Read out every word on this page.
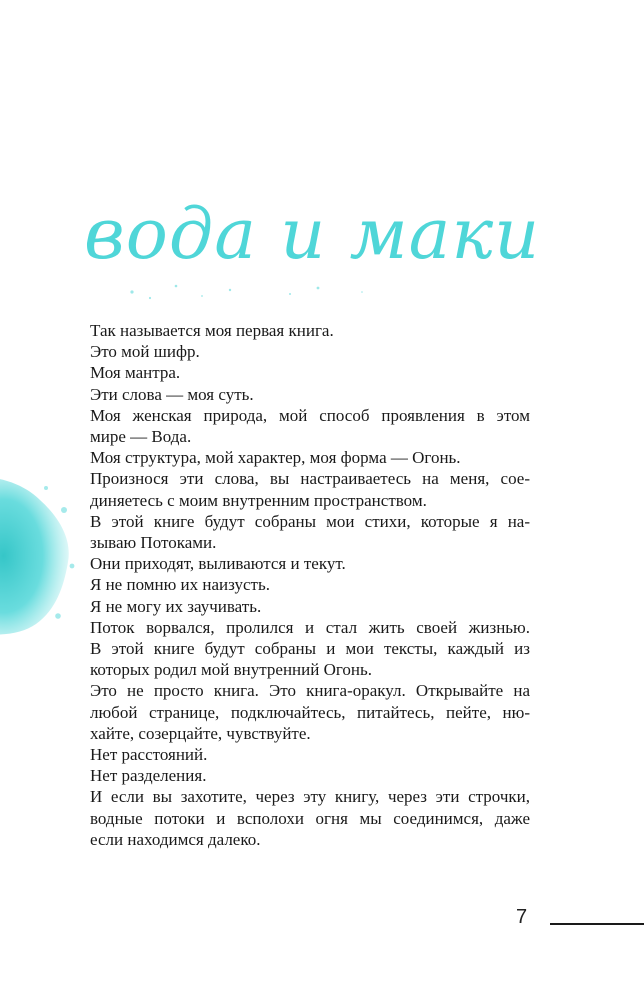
вода и маки
Так называется моя первая книга.
Это мой шифр.
Моя мантра.
Эти слова — моя суть.
Моя женская природа, мой способ проявления в этом
мире — Вода.
Моя структура, мой характер, моя форма — Огонь.
Произнося эти слова, вы настраиваетесь на меня, сое-
диняетесь с моим внутренним пространством.
В этой книге будут собраны мои стихи, которые я на-
зываю Потоками.
Они приходят, выливаются и текут.
Я не помню их наизусть.
Я не могу их заучивать.
Поток ворвался, пролился и стал жить своей жизнью.
В этой книге будут собраны и мои тексты, каждый из
которых родил мой внутренний Огонь.
Это не просто книга. Это книга-оракул. Открывайте на
любой странице, подключайтесь, питайтесь, пейте, ню-
хайте, созерцайте, чувствуйте.
Нет расстояний.
Нет разделения.
И если вы захотите, через эту книгу, через эти строчки,
водные потоки и всполохи огня мы соединимся, даже
если находимся далеко.
7
